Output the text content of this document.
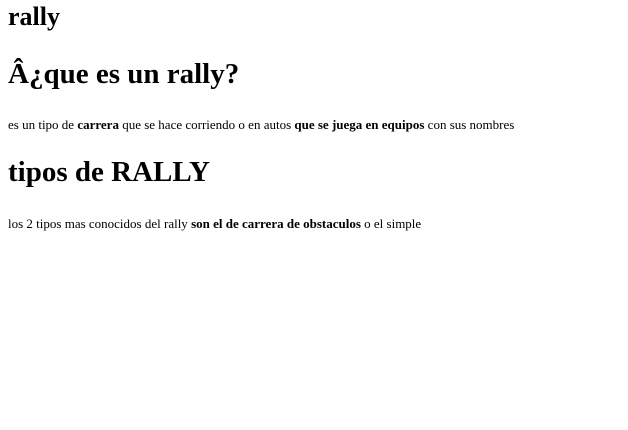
rally
Â¿que es un rally?

es un tipo de carrera que se hace corriendo o en autos que se juega en equipos con sus nombres

tipos de RALLY

los 2 tipos mas conocidos del rally son el de carrera de obstaculos o el simple
